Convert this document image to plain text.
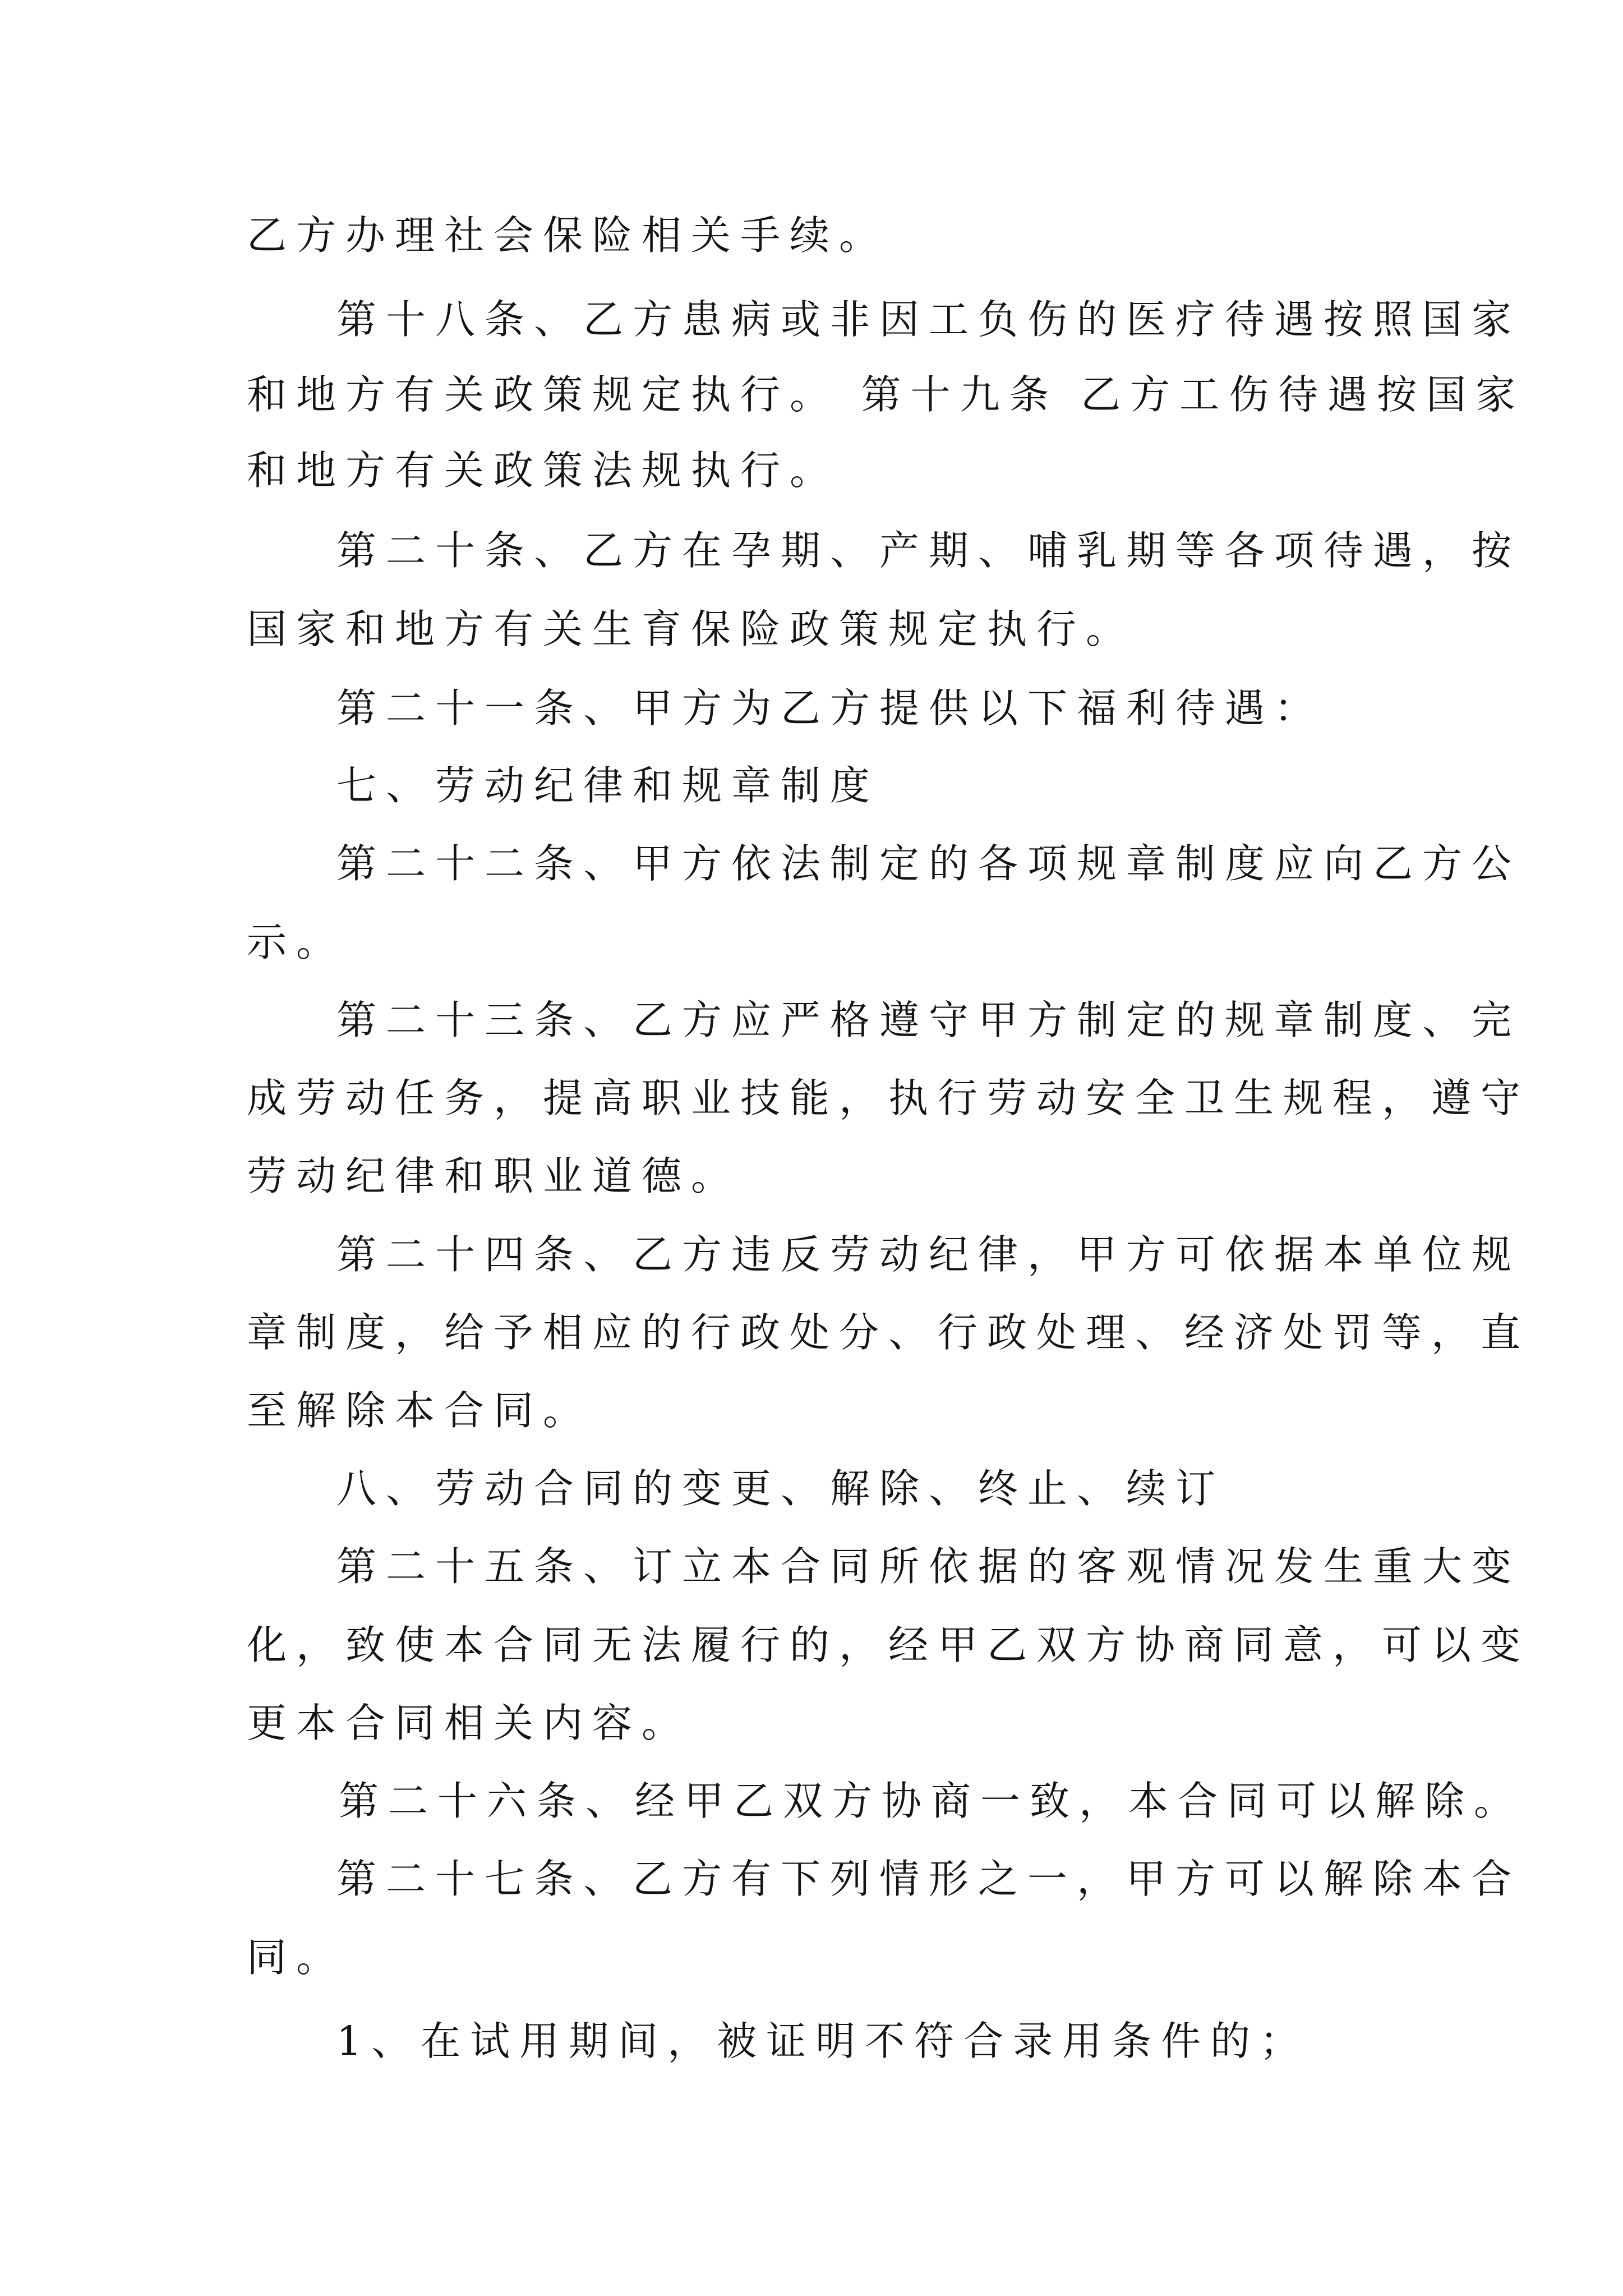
乙方办理社会保险相关手续。
第十八条、乙方患病或非因工负伤的医疗待遇按照国家
和地方有关政策规定执行。 第十九条 乙方工伤待遇按国家
和地方有关政策法规执行。
第二十条、乙方在孕期、产期、哺乳期等各项待遇，按
国家和地方有关生育保险政策规定执行。
第二十一条、甲方为乙方提供以下福利待遇：
七、劳动纪律和规章制度
第二十二条、甲方依法制定的各项规章制度应向乙方公
示。
第二十三条、乙方应严格遵守甲方制定的规章制度、完
成劳动任务，提高职业技能，执行劳动安全卫生规程，遵守
劳动纪律和职业道德。
第二十四条、乙方违反劳动纪律，甲方可依据本单位规
章制度，给予相应的行政处分、行政处理、经济处罚等，直
至解除本合同。
八、劳动合同的变更、解除、终止、续订
第二十五条、订立本合同所依据的客观情况发生重大变
化，致使本合同无法履行的，经甲乙双方协商同意，可以变
更本合同相关内容。
第二十六条、经甲乙双方协商一致，本合同可以解除。
第二十七条、乙方有下列情形之一，甲方可以解除本合
同。
1、在试用期间，被证明不符合录用条件的；
